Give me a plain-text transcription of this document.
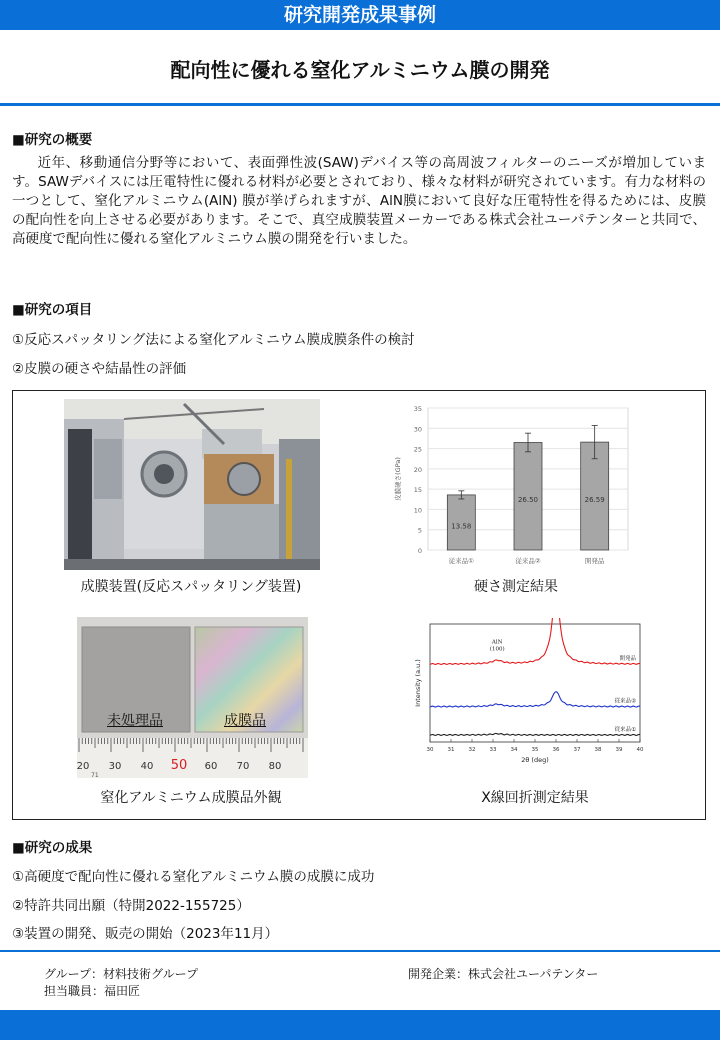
研究開発成果事例
配向性に優れる窒化アルミニウム膜の開発
■研究の概要
近年、移動通信分野等において、表面弾性波(SAW)デバイス等の高周波フィルターのニーズが増加しています。SAWデバイスには圧電特性に優れる材料が必要とされており、様々な材料が研究されています。有力な材料の一つとして、窒化アルミニウム(AlN) 膜が挙げられますが、AlN膜において良好な圧電特性を得るためには、皮膜の配向性を向上させる必要があります。そこで、真空成膜装置メーカーである株式会社ユーパテンターと共同で、高硬度で配向性に優れる窒化アルミニウム膜の開発を行いました。
■研究の項目
①反応スパッタリング法による窒化アルミニウム膜成膜条件の検討
②皮膜の硬さや結晶性の評価
成膜装置(反応スパッタリング装置)
0
5
10
15
20
25
30
35
皮膜硬さ(GPa)
13.58
従来品①
26.50
従来品②
26.59
開発品
硬さ測定結果
未処理品	成膜品
20 30 40 50 60 70 80
71
窒化アルミニウム成膜品外観
30	31	32	33	34	35	36	37	38	39	40
2θ (deg)
Intensity (a.u.)
開発品
従来品②
従来品①
AlN
(100)
X線回折測定結果
■研究の成果
①高硬度で配向性に優れる窒化アルミニウム膜の成膜に成功
②特許共同出願（特開2022-155725）
③装置の開発、販売の開始（2023年11月）
グループ：材料技術グループ
担当職員：福田匠
開発企業：株式会社ユーパテンター
